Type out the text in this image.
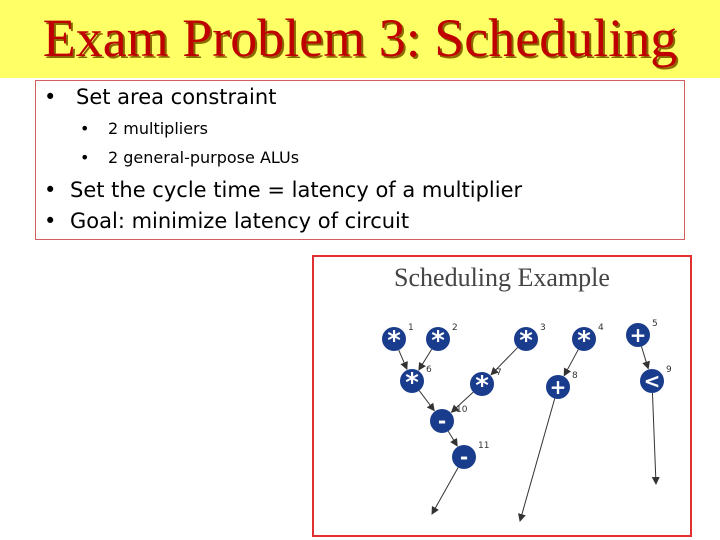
Exam Problem 3: Scheduling
• Set area constraint
• 2 multipliers
• 2 general-purpose ALUs
• Set the cycle time = latency of a multiplier
• Goal: minimize latency of circuit
Scheduling Example
* 1 * 2 * 3 * 4 + 5
* 6
* 7
+ 8	< 9
- 10
- 11
